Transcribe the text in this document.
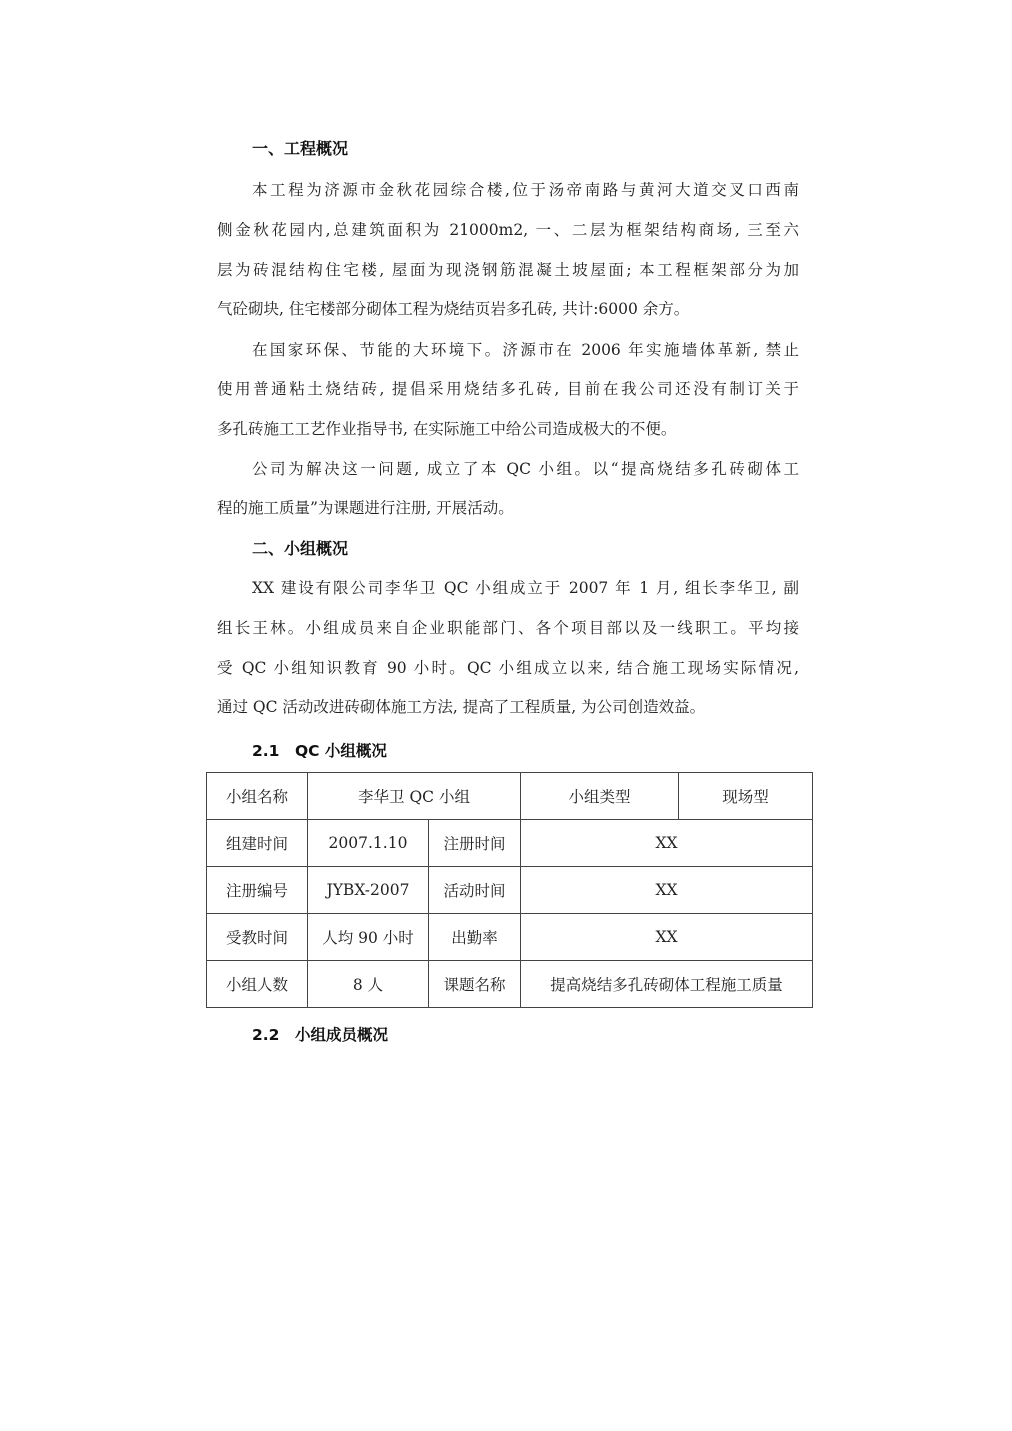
一、工程概况
本工程为济源市金秋花园综合楼,位于汤帝南路与黄河大道交叉口西南
侧金秋花园内,总建筑面积为 21000m2, 一、二层为框架结构商场, 三至六
层为砖混结构住宅楼, 屋面为现浇钢筋混凝土坡屋面; 本工程框架部分为加
气砼砌块, 住宅楼部分砌体工程为烧结页岩多孔砖, 共计:6000 余方。
在国家环保、节能的大环境下。济源市在 2006 年实施墙体革新, 禁止
使用普通粘土烧结砖, 提倡采用烧结多孔砖, 目前在我公司还没有制订关于
多孔砖施工工艺作业指导书, 在实际施工中给公司造成极大的不便。
公司为解决这一问题, 成立了本 QC 小组。以“提高烧结多孔砖砌体工
程的施工质量”为课题进行注册, 开展活动。
二、小组概况
XX 建设有限公司李华卫 QC 小组成立于 2007 年 1 月, 组长李华卫, 副
组长王林。小组成员来自企业职能部门、各个项目部以及一线职工。平均接
受 QC 小组知识教育 90 小时。QC 小组成立以来, 结合施工现场实际情况,
通过 QC 活动改进砖砌体施工方法, 提高了工程质量, 为公司创造效益。
2.1　QC 小组概况
小组名称	李华卫 QC 小组		小组类型	现场型
组建时间	2007.1.10	注册时间	XX	
注册编号	JYBX-2007	活动时间	XX	
受教时间	人均 90 小时	出勤率	XX	
小组人数	8 人	课题名称	提高烧结多孔砖砌体工程施工质量	
2.2　小组成员概况
